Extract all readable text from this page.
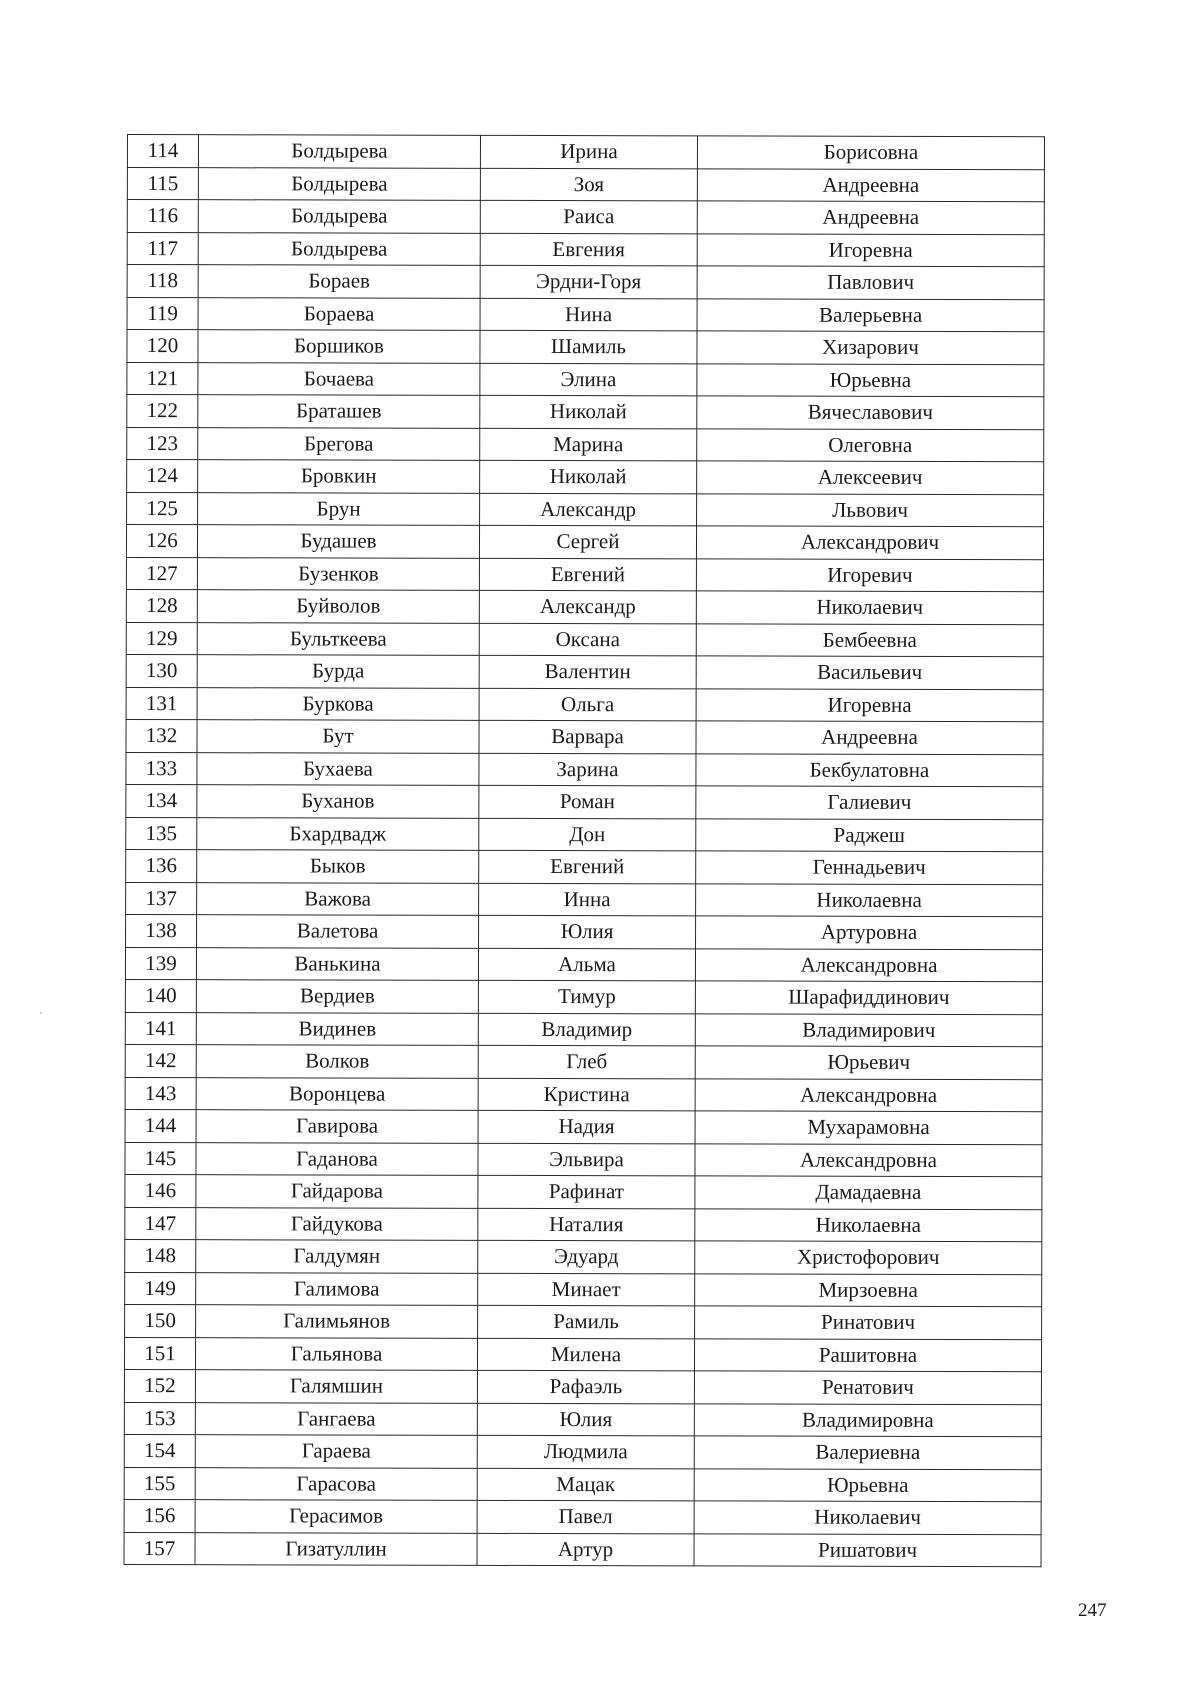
114	Болдырева	Ирина	Борисовна
115	Болдырева	Зоя	Андреевна
116	Болдырева	Раиса	Андреевна
117	Болдырева	Евгения	Игоревна
118	Бораев	Эрдни-Горя	Павлович
119	Бораева	Нина	Валерьевна
120	Боршиков	Шамиль	Хизарович
121	Бочаева	Элина	Юрьевна
122	Браташев	Николай	Вячеславович
123	Брегова	Марина	Олеговна
124	Бровкин	Николай	Алексеевич
125	Брун	Александр	Львович
126	Будашев	Сергей	Александрович
127	Бузенков	Евгений	Игоревич
128	Буйволов	Александр	Николаевич
129	Бульткеева	Оксана	Бембеевна
130	Бурда	Валентин	Васильевич
131	Буркова	Ольга	Игоревна
132	Бут	Варвара	Андреевна
133	Бухаева	Зарина	Бекбулатовна
134	Буханов	Роман	Галиевич
135	Бхардвадж	Дон	Раджеш
136	Быков	Евгений	Геннадьевич
137	Важова	Инна	Николаевна
138	Валетова	Юлия	Артуровна
139	Ванькина	Альма	Александровна
140	Вердиев	Тимур	Шарафиддинович
141	Видинев	Владимир	Владимирович
142	Волков	Глеб	Юрьевич
143	Воронцева	Кристина	Александровна
144	Гавирова	Надия	Мухарамовна
145	Гаданова	Эльвира	Александровна
146	Гайдарова	Рафинат	Дамадаевна
147	Гайдукова	Наталия	Николаевна
148	Галдумян	Эдуард	Христофорович
149	Галимова	Минает	Мирзоевна
150	Галимьянов	Рамиль	Ринатович
151	Гальянова	Милена	Рашитовна
152	Галямшин	Рафаэль	Ренатович
153	Гангаева	Юлия	Владимировна
154	Гараева	Людмила	Валериевна
155	Гарасова	Мацак	Юрьевна
156	Герасимов	Павел	Николаевич
157	Гизатуллин	Артур	Ришатович
247
